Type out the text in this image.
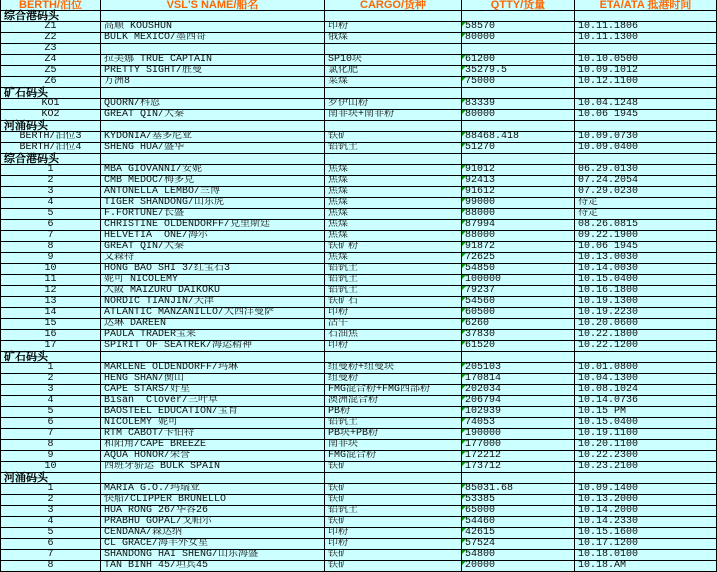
BERTH/泊位	VSL'S NAME/船名	CARGO/货种	QTTY/货量	ETA/ATA 抵港时间
综合港码头
Z1	高顺 KOUSHUN	印粉	58570	10.11.1806
Z2	BULK MEXICO/墨西哥	俄煤	80000	10.11.1300
Z3
Z4	拉美娜 TRUE CAPTAIN	SP10块	61200	10.10.0500
Z5	PRETTY SIGHT/胜曼	氯化肥	35279.5	10.09.1012
Z6	方洲8	菜煤	75000	10.12.1100
矿石码头
KO1	QUORN/科恩	罗伊山粉	83339	10.04.1248
KO2	GREAT QIN/大秦	南非块+南非粉	80000	10.06 1945
河涌码头
BERTH/泊位3	KYDONIA/基多尼亚	铁矿	88468.418	10.09.0730
BERTH/泊位4	SHENG HUA/盛华	铝钒土	51270	10.09.0400
综合港码头
1	MBA GIOVANNI/安妮	焦煤	91012	06.29.0130
2	CMB MEDOC/梅多克	焦煤	92413	07.24.2054
3	ANTONELLA LEMBO/兰博	焦煤	91612	07.29.0230
4	TIGER SHANDONG/山东虎	焦煤	99000	待定
5	F.FORTUNE/长盛	焦煤	88000	待定
6	CHRISTINE OLDENDORFF/克里斯廷	焦煤	87994	08.26.0815
7	HELVETIA  ONE/海尔	焦煤	88000	09.22.1900
8	GREAT QIN/大秦	铁矿粉	91872	10.06 1945
9	文森特	焦煤	72625	10.13.0030
10	HONG BAO SHI 3/红宝石3	铝钒土	54850	10.14.0030
11	妮可 NICOLEMY	铝钒土	100000	10.15.0400
12	大阪 MAIZURU DAIKOKU	铝钒土	79237	10.16.1800
13	NORDIC TIANJIN/天津	铁矿石	54560	10.19.1300
14	ATLANTIC MANZANILLO/大西洋曼萨	印粉	60500	10.19.2230
15	达琳 DAREEN	活牛	6260	10.20.0600
16	PAULA TRADER宝莱	石油焦	37830	10.22.1800
17	SPIRIT OF SEATREK/海运精神	印粉	61520	10.22.1200
矿石码头
1	MARLENE OLDENDORFF/玛琳	纽曼粉+纽曼块	205103	10.01.0800
2	HENG SHAN/衡山	纽曼粉	170814	10.04.1300
3	CAPE STARS/好星	FMG混合粉+FMG西部粉	202034	10.08.1024
4	Bisan  Clover/三叶草	澳洲混合粉	206794	10.14.0736
5	BAOSTEEL EDUCATION/宝育	PB粉	102939	10.15 PM
6	NICOLEMY 妮可	铝钒土	74053	10.15.0400
7	RTM CABOT/卡伯特	PB块+PB粉	190000	10.19.1100
8	和阳角/CAPE BREEZE	南非块	177000	10.20.1100
9	AQUA HONOR/荣誉	FMG混合粉	172212	10.22.2300
10	西班牙骄运 BULK SPAIN	铁矿	173712	10.23.2100
河涌码头
1	MARIA G.O./玛瑞亚	铁矿	85031.68	10.09.1400
2	快船/CLIPPER BRUNELLO	铁矿	53385	10.13.2000
3	HUA RONG 26/华容26	铝钒土	65000	10.14.2000
4	PRABHU GOPAL/戈帕尔	铁矿	54460	10.14.2330
5	CENDANA/森达纳	印粉	42615	10.15.1600
6	CL GRACE/海丰外女星	印粉	57524	10.17.1200
7	SHANDONG HAI SHENG/山东海盛	铁矿	54800	10.18.0100
8	TAN BINH 45/坦宾45	铁矿	20000	10.18.AM
